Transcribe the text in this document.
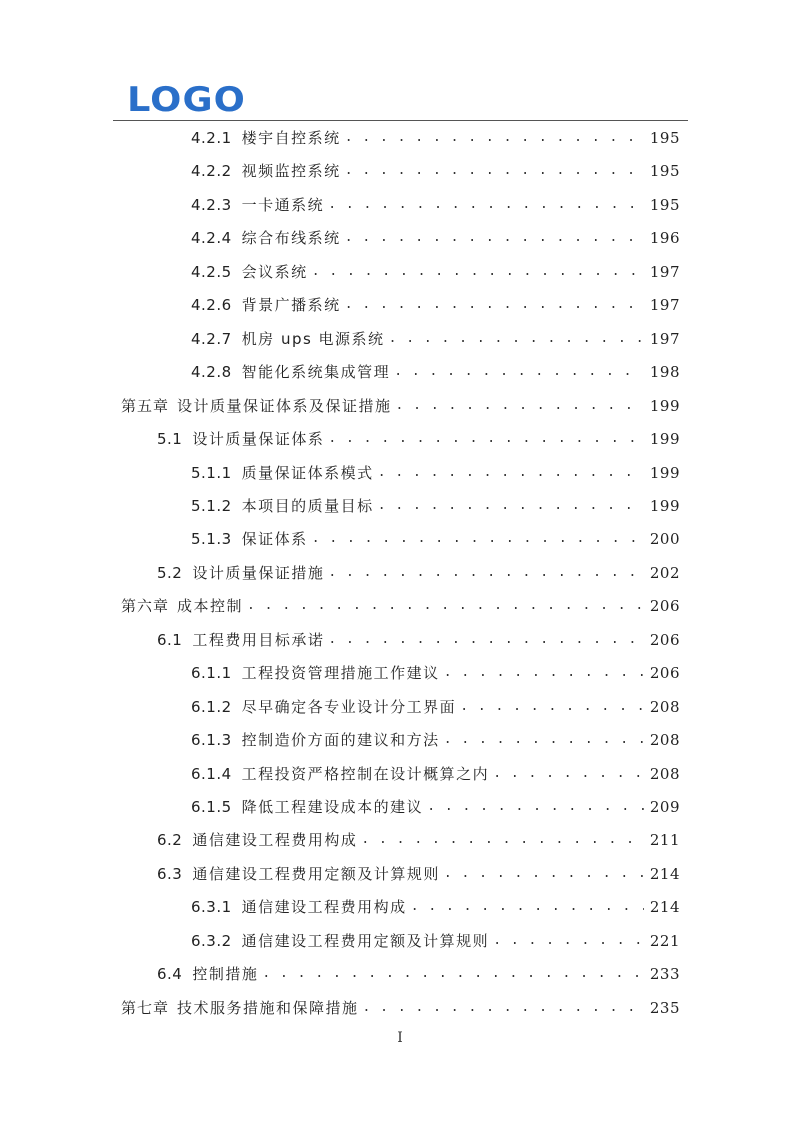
LOGO
4.2.1 楼宇自控系统 . . .	195
4.2.2 视频监控系统 . . .	195
4.2.3 一卡通系统 . . .	195
4.2.4 综合布线系统 . . .	196
4.2.5 会议系统 . . .	197
4.2.6 背景广播系统 . . .	197
4.2.7 机房 ups 电源系统 . . .	197
4.2.8 智能化系统集成管理 . . .	198
第五章 设计质量保证体系及保证措施 . . .	199
5.1 设计质量保证体系 . . .	199
5.1.1 质量保证体系模式 . . .	199
5.1.2 本项目的质量目标 . . .	199
5.1.3 保证体系 . . .	200
5.2 设计质量保证措施 . . .	202
第六章 成本控制 . . .	206
6.1 工程费用目标承诺 . . .	206
6.1.1 工程投资管理措施工作建议 . . .	206
6.1.2 尽早确定各专业设计分工界面 . . .	208
6.1.3 控制造价方面的建议和方法 . . .	208
6.1.4 工程投资严格控制在设计概算之内 . . .	208
6.1.5 降低工程建设成本的建议 . . .	209
6.2 通信建设工程费用构成 . . .	211
6.3 通信建设工程费用定额及计算规则 . . .	214
6.3.1 通信建设工程费用构成 . . .	214
6.3.2 通信建设工程费用定额及计算规则 . . .	221
6.4 控制措施 . . .	233
第七章 技术服务措施和保障措施 . . .	235
I
